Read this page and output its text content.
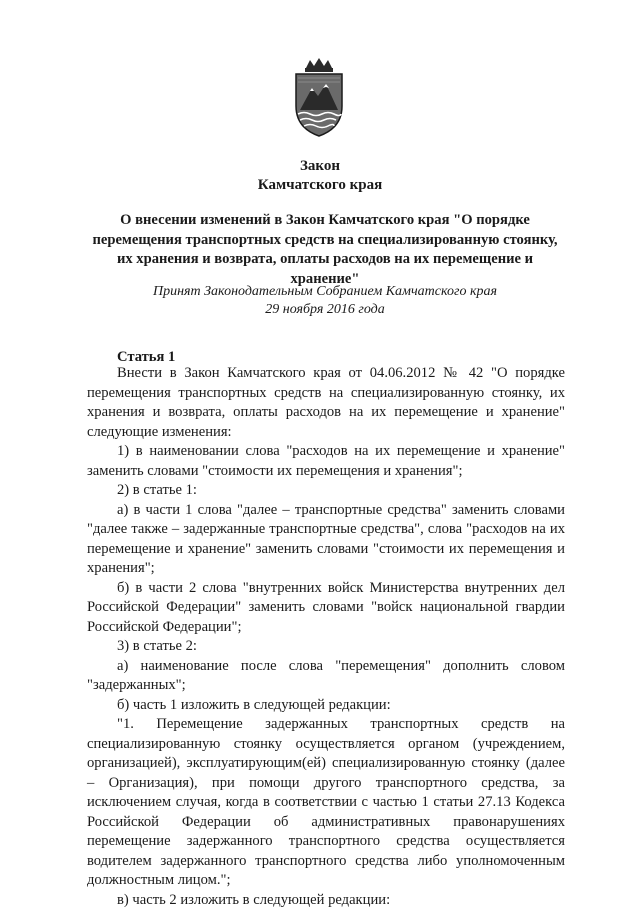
Закон
Камчатского края
О внесении изменений в Закон Камчатского края "О порядке перемещения транспортных средств на специализированную стоянку, их хранения и возврата, оплаты расходов на их перемещение и хранение"
Принят Законодательным Собранием Камчатского края
29 ноября 2016 года
Статья 1

Внести в Закон Камчатского края от 04.06.2012 № 42 "О порядке перемещения транспортных средств на специализированную стоянку, их хранения и возврата, оплаты расходов на их перемещение и хранение" следующие изменения:

1) в наименовании слова "расходов на их перемещение и хранение" заменить словами "стоимости их перемещения и хранения";

2) в статье 1:

а) в части 1 слова "далее – транспортные средства" заменить словами "далее также – задержанные транспортные средства", слова "расходов на их перемещение и хранение" заменить словами "стоимости их перемещения и хранения";

б) в части 2 слова "внутренних войск Министерства внутренних дел Российской Федерации" заменить словами "войск национальной гвардии Российской Федерации";

3) в статье 2:

а) наименование после слова "перемещения" дополнить словом "задержанных";

б) часть 1 изложить в следующей редакции:

"1. Перемещение задержанных транспортных средств на специализированную стоянку осуществляется органом (учреждением, организацией), эксплуатирующим(ей) специализированную стоянку (далее – Организация), при помощи другого транспортного средства, за исключением случая, когда в соответствии с частью 1 статьи 27.13 Кодекса Российской Федерации об административных правонарушениях перемещение задержанного транспортного средства осуществляется водителем задержанного транспортного средства либо уполномоченным должностным лицом.";

в) часть 2 изложить в следующей редакции:
